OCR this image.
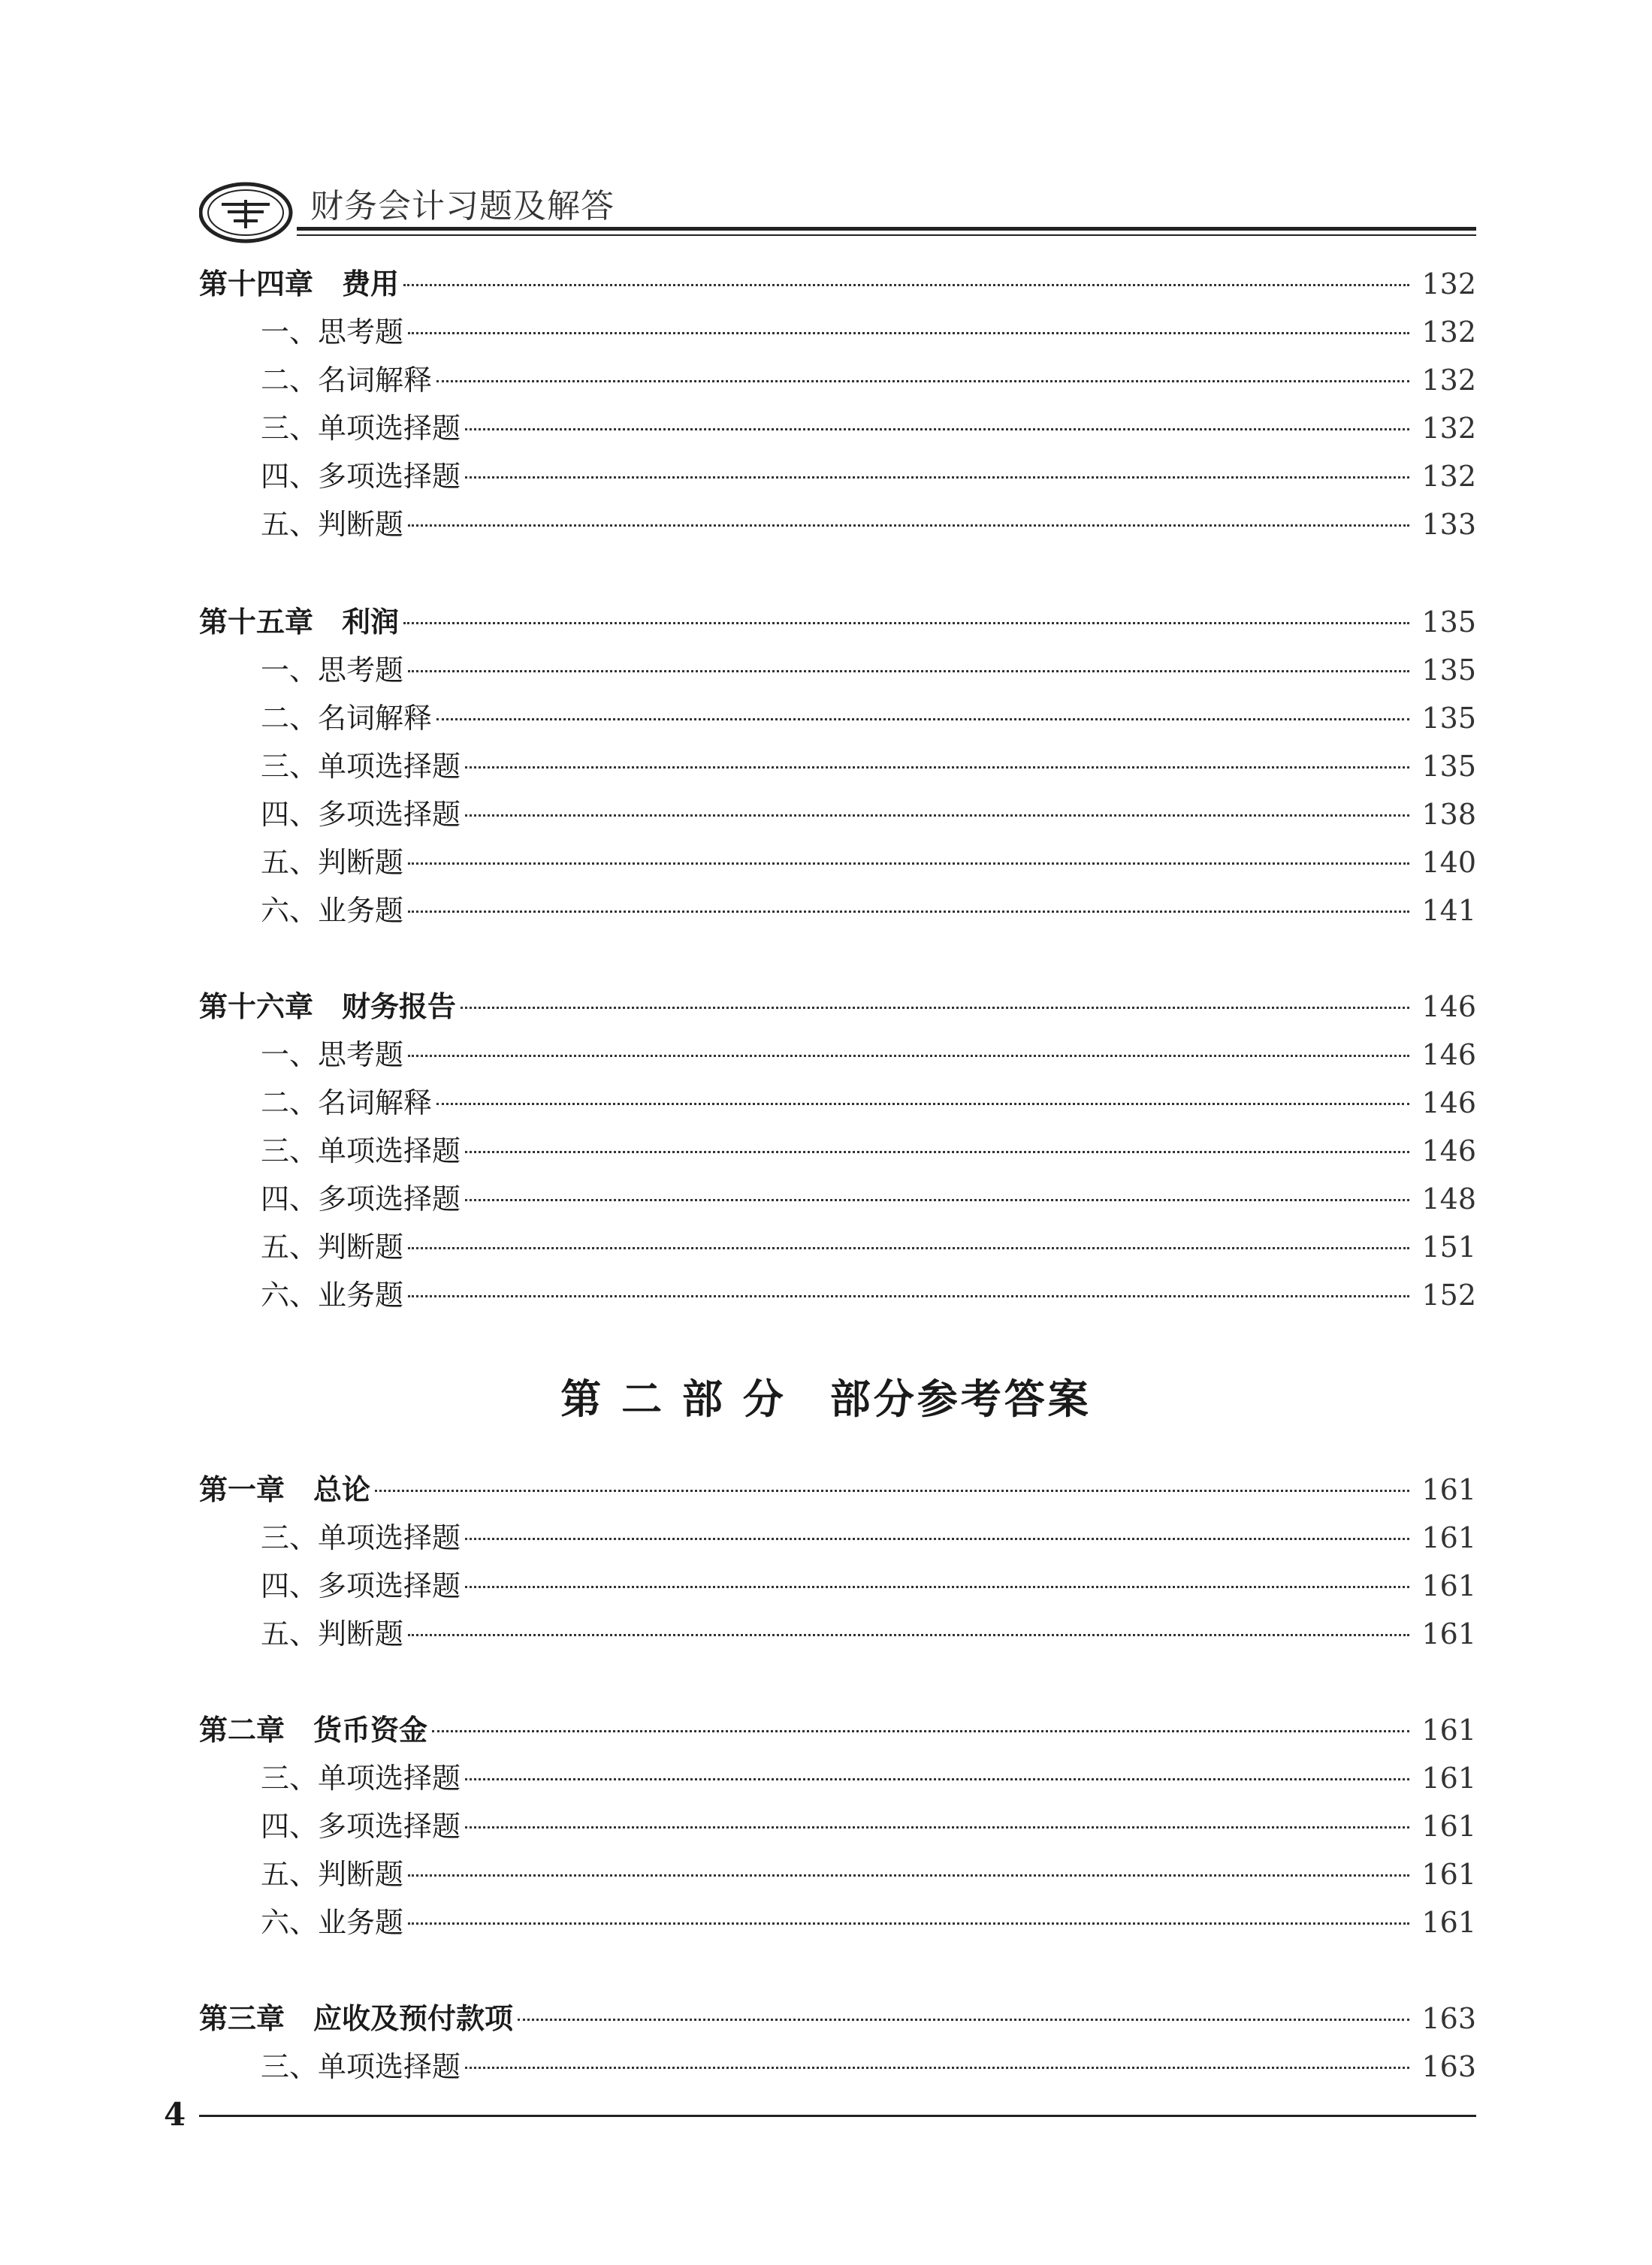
财务会计习题及解答
第十四章　费用	132
一、思考题	132
二、名词解释	132
三、单项选择题	132
四、多项选择题	132
五、判断题	133
第十五章　利润	135
一、思考题	135
二、名词解释	135
三、单项选择题	135
四、多项选择题	138
五、判断题	140
六、业务题	141
第十六章　财务报告	146
一、思考题	146
二、名词解释	146
三、单项选择题	146
四、多项选择题	148
五、判断题	151
六、业务题	152
第一章　总论	161
三、单项选择题	161
四、多项选择题	161
五、判断题	161
第二章　货币资金	161
三、单项选择题	161
四、多项选择题	161
五、判断题	161
六、业务题	161
第三章　应收及预付款项	163
三、单项选择题	163
第 二 部 分　部分参考答案
4
